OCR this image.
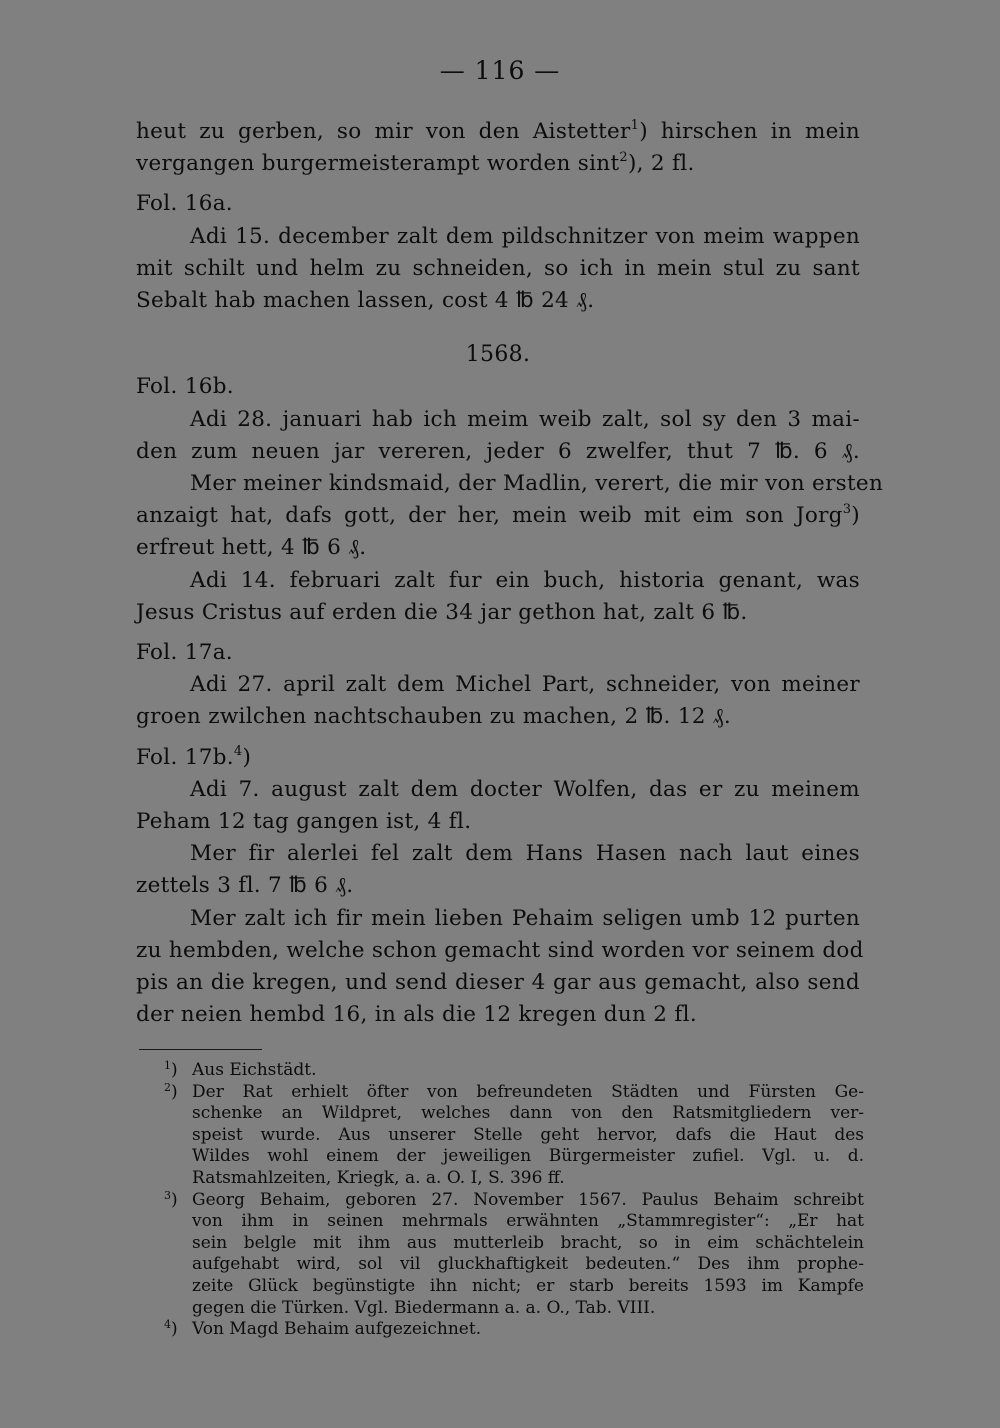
— 116 —
heut zu gerben, so mir von den Aistetter$^1$) hirschen in mein
vergangen burgermeisterampt worden sint$^2$), 2 fl.
Fol. 16a.
Adi 15. december zalt dem pildschnitzer von meim wappen
mit schilt und helm zu schneiden, so ich in mein stul zu sant
Sebalt hab machen lassen, cost 4 ℔ 24 ₰.
1568.
Fol. 16b.
Adi 28. januari hab ich meim weib zalt, sol sy den 3 mai-
den zum neuen jar vereren, jeder 6 zwelfer, thut 7 ℔. 6 ₰.
Mer meiner kindsmaid, der Madlin, verert, die mir von ersten
anzaigt hat, dafs gott, der her, mein weib mit eim son Jorg$^3$)
erfreut hett, 4 ℔ 6 ₰.
Adi 14. februari zalt fur ein buch, historia genant, was
Jesus Cristus auf erden die 34 jar gethon hat, zalt 6 ℔.
Fol. 17a.
Adi 27. april zalt dem Michel Part, schneider, von meiner
groen zwilchen nachtschauben zu machen, 2 ℔. 12 ₰.
Fol. 17b.$^4$)
Adi 7. august zalt dem docter Wolfen, das er zu meinem
Peham 12 tag gangen ist, 4 fl.
Mer fir alerlei fel zalt dem Hans Hasen nach laut eines
zettels 3 fl. 7 ℔ 6 ₰.
Mer zalt ich fir mein lieben Pehaim seligen umb 12 purten
zu hembden, welche schon gemacht sind worden vor seinem dod
pis an die kregen, und send dieser 4 gar aus gemacht, also send
der neien hembd 16, in als die 12 kregen dun 2 fl.
$^1$) Aus Eichstädt.
$^2$) Der Rat erhielt öfter von befreundeten Städten und Fürsten Ge-
schenke an Wildpret, welches dann von den Ratsmitgliedern ver-
speist wurde. Aus unserer Stelle geht hervor, dafs die Haut des
Wildes wohl einem der jeweiligen Bürgermeister zufiel. Vgl. u. d.
Ratsmahlzeiten, Kriegk, a. a. O. I, S. 396 ff.
$^3$) Georg Behaim, geboren 27. November 1567. Paulus Behaim schreibt
von ihm in seinen mehrmals erwähnten „Stammregister“: „Er hat
sein belgle mit ihm aus mutterleib bracht, so in eim schächtelein
aufgehabt wird, sol vil gluckhaftigkeit bedeuten.“ Des ihm prophe-
zeite Glück begünstigte ihn nicht; er starb bereits 1593 im Kampfe
gegen die Türken. Vgl. Biedermann a. a. O., Tab. VIII.
$^4$) Von Magd Behaim aufgezeichnet.
